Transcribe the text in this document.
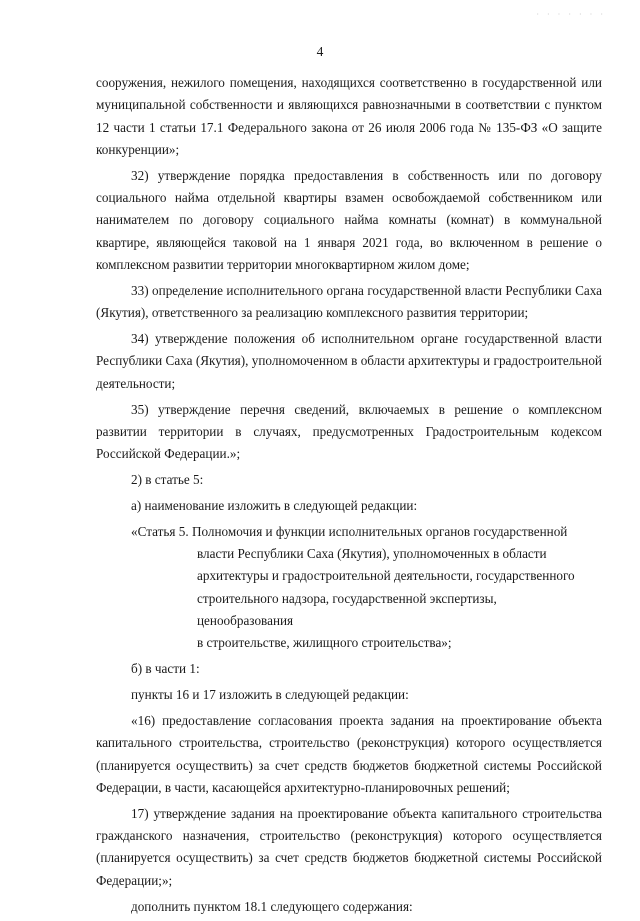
· · · · · · ·
4

сооружения, нежилого помещения, находящихся соответственно в государственной или муниципальной собственности и являющихся равнозначными в соответствии с пунктом 12 части 1 статьи 17.1 Федерального закона от 26 июля 2006 года № 135-ФЗ «О защите конкуренции»;

32) утверждение порядка предоставления в собственность или по договору социального найма отдельной квартиры взамен освобождаемой собственником или нанимателем по договору социального найма комнаты (комнат) в коммунальной квартире, являющейся таковой на 1 января 2021 года, во включенном в решение о комплексном развитии территории многоквартирном жилом доме;

33) определение исполнительного органа государственной власти Республики Саха (Якутия), ответственного за реализацию комплексного развития территории;

34) утверждение положения об исполнительном органе государственной власти Республики Саха (Якутия), уполномоченном в области архитектуры и градостроительной деятельности;

35) утверждение перечня сведений, включаемых в решение о комплексном развитии территории в случаях, предусмотренных Градостроительным кодексом Российской Федерации.»;

2) в статье 5:

а) наименование изложить в следующей редакции:

«Статья 5. Полномочия и функции исполнительных органов государственной

власти Республики Саха (Якутия), уполномоченных в области
архитектуры и градостроительной деятельности, государственного
строительного надзора, государственной экспертизы, ценообразования
в строительстве, жилищного строительства»;

б) в части 1:

пункты 16 и 17 изложить в следующей редакции:

«16) предоставление согласования проекта задания на проектирование объекта капитального строительства, строительство (реконструкция) которого осуществляется (планируется осуществить) за счет средств бюджетов бюджетной системы Российской Федерации, в части, касающейся архитектурно-планировочных решений;

17) утверждение задания на проектирование объекта капитального строительства гражданского назначения, строительство (реконструкция) которого осуществляется (планируется осуществить) за счет средств бюджетов бюджетной системы Российской Федерации;»;

дополнить пунктом 18.1 следующего содержания:
